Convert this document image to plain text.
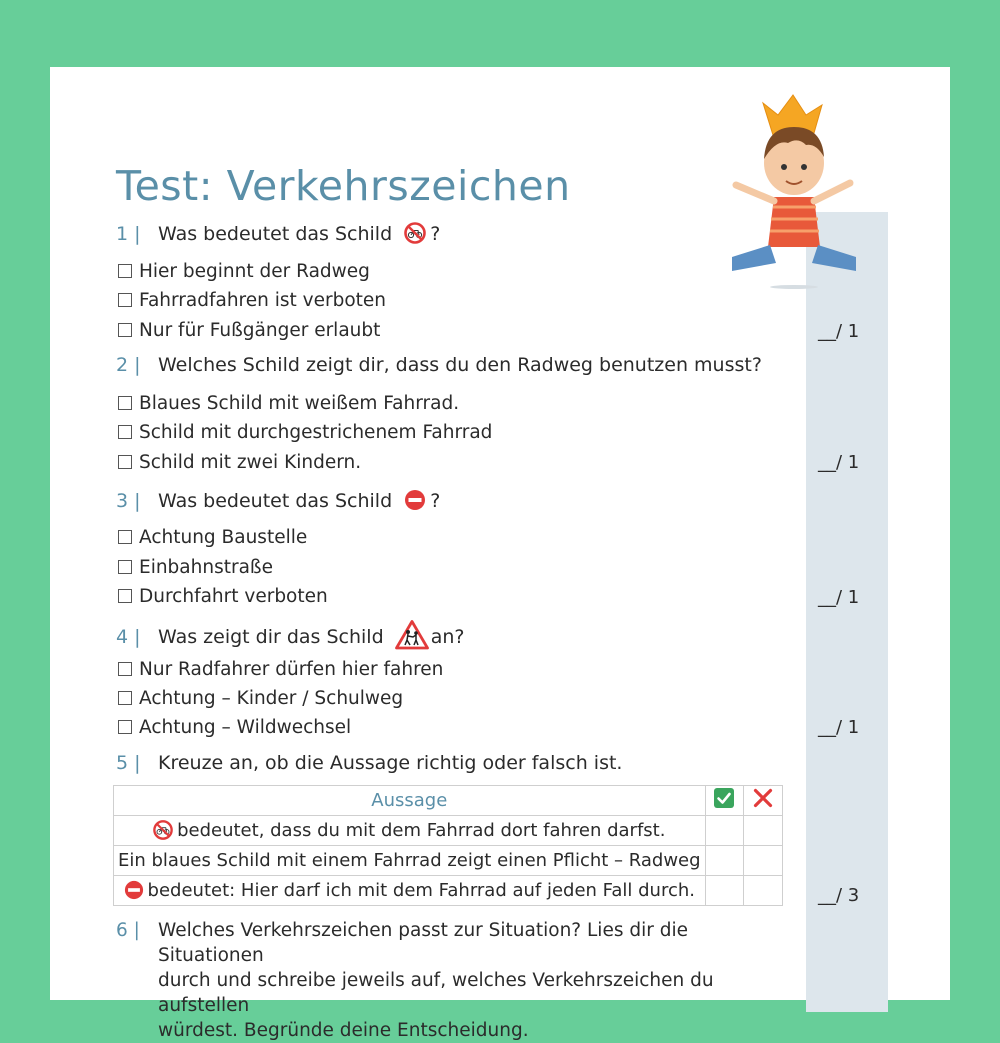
Test: Verkehrszeichen
1 | Was bedeutet das Schild ?
Hier beginnt der Radweg
Fahrradfahren ist verboten
Nur für Fußgänger erlaubt	__/ 1
2 | Welches Schild zeigt dir, dass du den Radweg benutzen musst?
Blaues Schild mit weißem Fahrrad.
Schild mit durchgestrichenem Fahrrad
Schild mit zwei Kindern.	__/ 1
3 | Was bedeutet das Schild ?
Achtung Baustelle
Einbahnstraße
Durchfahrt verboten	__/ 1
4 | Was zeigt dir das Schild an?
Nur Radfahrer dürfen hier fahren
Achtung – Kinder / Schulweg
Achtung – Wildwechsel	__/ 1
5 | Kreuze an, ob die Aussage richtig oder falsch ist.
Aussage		
bedeutet, dass du mit dem Fahrrad dort fahren darfst.		
Ein blaues Schild mit einem Fahrrad zeigt einen Pflicht – Radweg		
bedeutet: Hier darf ich mit dem Fahrrad auf jeden Fall durch.			__/ 3
6 | Welches Verkehrszeichen passt zur Situation? Lies dir die Situationen
durch und schreibe jeweils auf, welches Verkehrszeichen du aufstellen
würdest. Begründe deine Entscheidung.
